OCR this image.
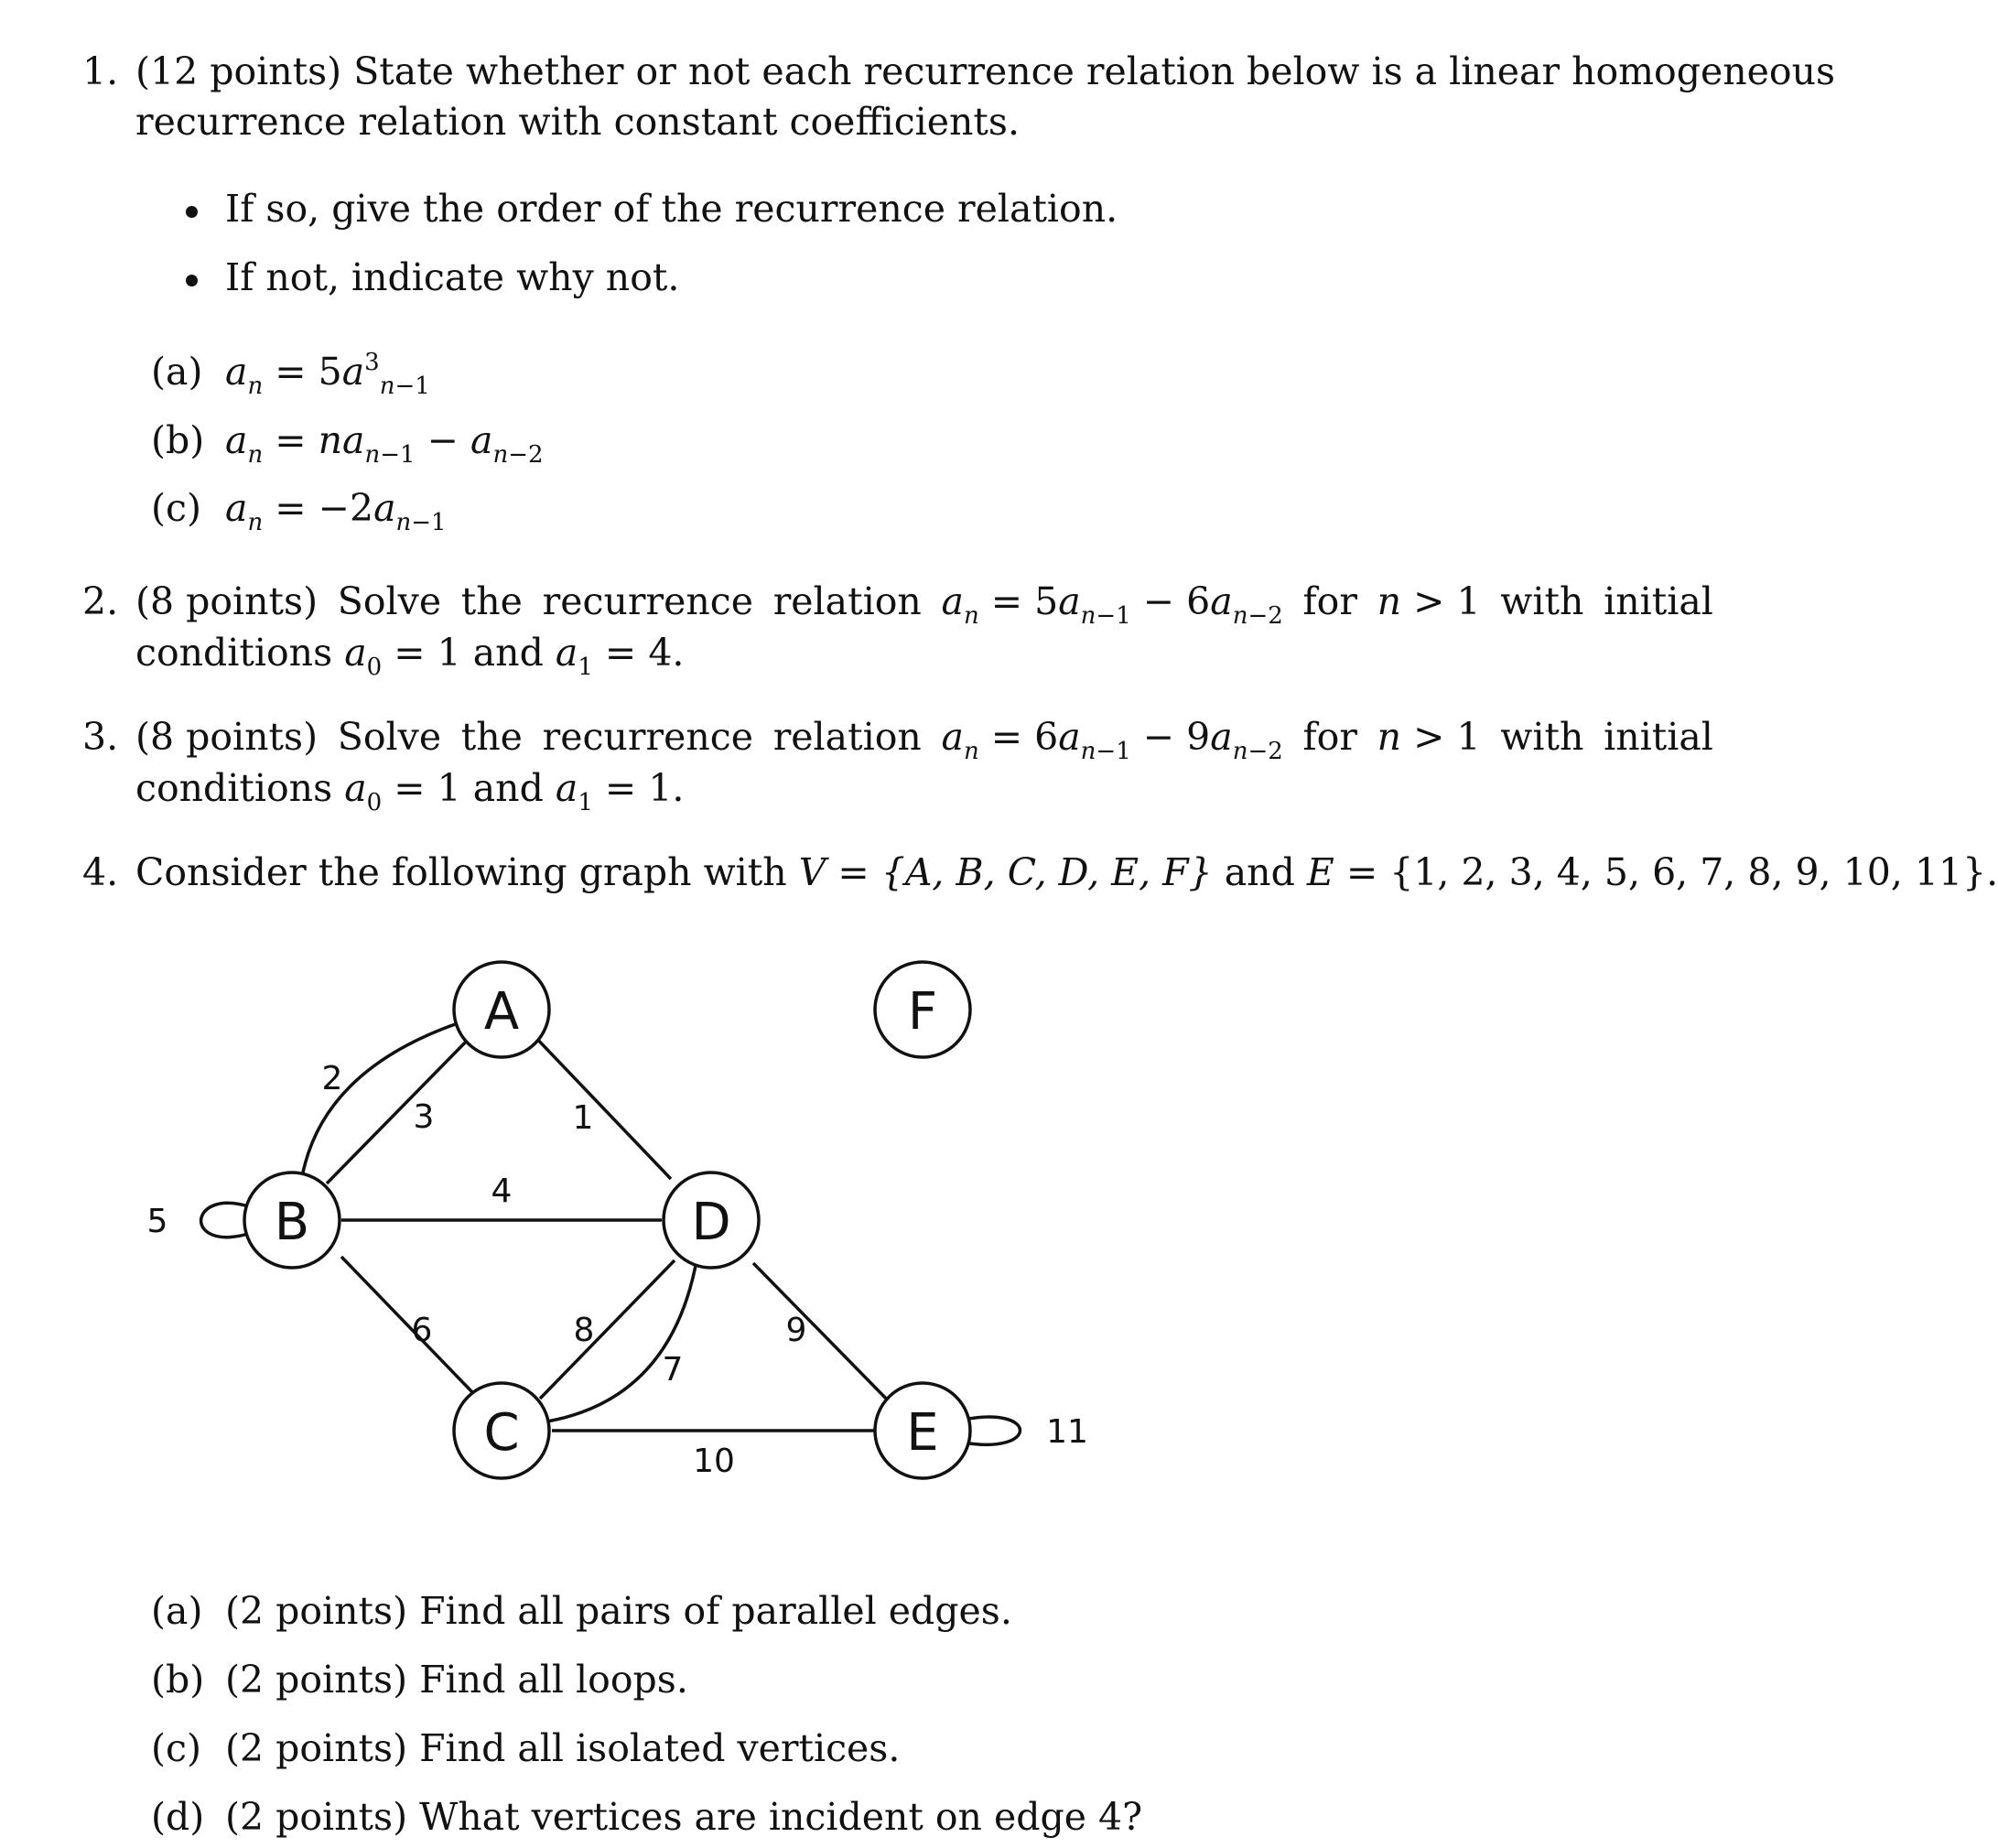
1. (12 points) State whether or not each recurrence relation below is a linear homogeneous
recurrence relation with constant coefficients.
If so, give the order of the recurrence relation.
If not, indicate why not.
(a) $a_n = 5a^3_{n-1}$
(b) $a_n = na_{n-1} - a_{n-2}$
(c) $a_n = -2a_{n-1}$
2. (8 points) Solve the recurrence relation $a_n = 5a_{n-1} - 6a_{n-2}$ for n > 1 with initial
conditions $a_0 = 1$ and $a_1 = 4$.
3. (8 points) Solve the recurrence relation $a_n = 6a_{n-1} - 9a_{n-2}$ for n > 1 with initial
conditions $a_0 = 1$ and $a_1 = 1$.
4. Consider the following graph with V = {A, B, C, D, E, F} and E = {1, 2, 3, 4, 5, 6, 7, 8, 9, 10, 11}.
A	F
B	D
C	E
1
2
3
4
5
6
7
8	9
10
11
(a) (2 points) Find all pairs of parallel edges.
(b) (2 points) Find all loops.
(c) (2 points) Find all isolated vertices.
(d) (2 points) What vertices are incident on edge 4?
